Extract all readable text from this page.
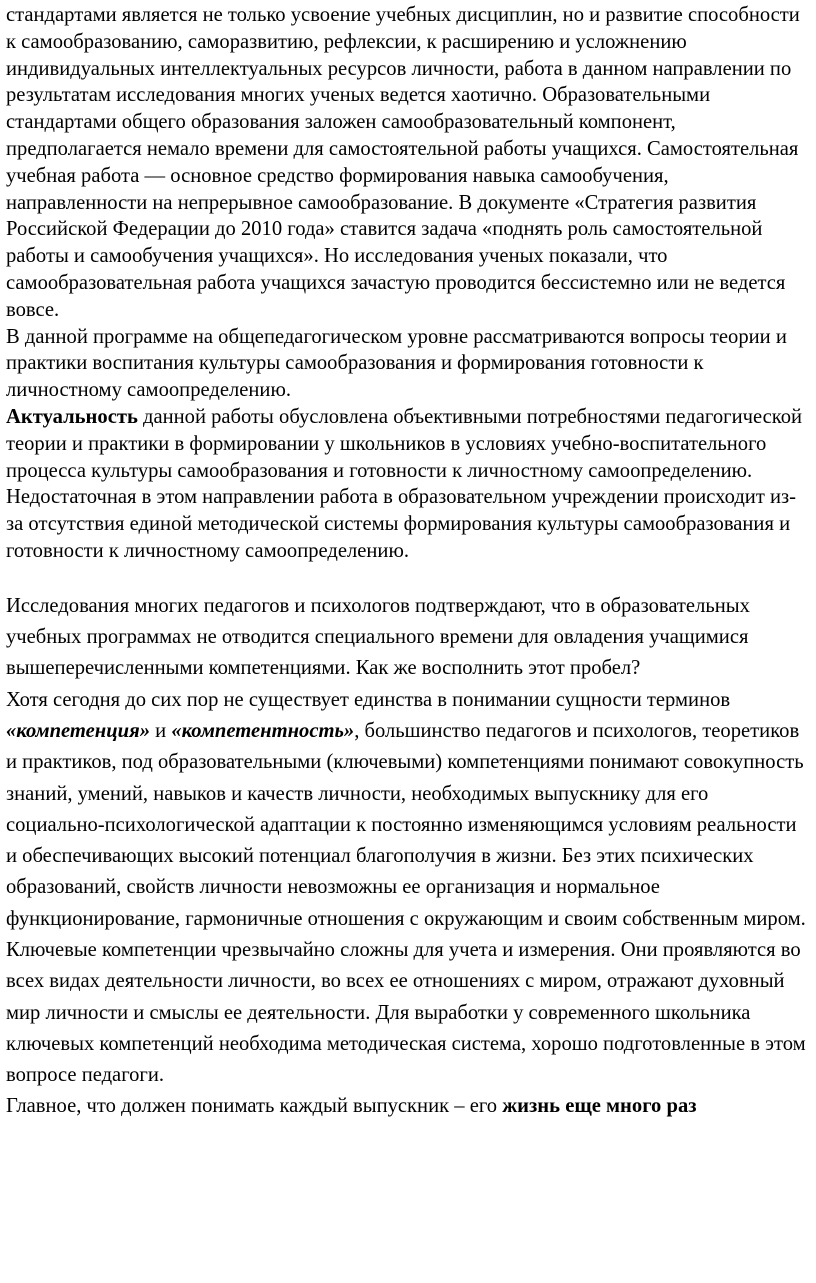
стандартами является не только усвоение учебных дисциплин, но и развитие способности к самообразованию, саморазвитию, рефлексии, к расширению и усложнению индивидуальных интеллектуальных ресурсов личности, работа в данном направлении по результатам исследования многих ученых ведется хаотично. Образовательными стандартами общего образования заложен самообразовательный компонент, предполагается немало времени для самостоятельной работы учащихся. Самостоятельная учебная работа — основное средство формирования навыка самообучения, направленности на непрерывное самообразование. В документе «Стратегия развития Российской Федерации до 2010 года» ставится задача «поднять роль самостоятельной работы и самообучения учащихся». Но исследования ученых показали, что самообразовательная работа учащихся зачастую проводится бессистемно или не ведется вовсе.

В данной программе на общепедагогическом уровне рассматриваются вопросы теории и практики воспитания культуры самообразования и формирования готовности к личностному самоопределению.

Актуальность данной работы обусловлена объективными потребностями педагогической теории и практики в формировании у школьников в условиях учебно-воспитательного процесса культуры самообразования и готовности к личностному самоопределению.

Недостаточная в этом направлении работа в образовательном учреждении происходит из-за отсутствия единой методической системы формирования культуры самообразования и готовности к личностному самоопределению.

Исследования многих педагогов и психологов подтверждают, что в образовательных учебных программах не отводится специального времени для овладения учащимися вышеперечисленными компетенциями. Как же восполнить этот пробел?

Хотя сегодня до сих пор не существует единства в понимании сущности терминов «компетенция» и «компетентность», большинство педагогов и психологов, теоретиков и практиков, под образовательными (ключевыми) компетенциями понимают совокупность знаний, умений, навыков и качеств личности, необходимых выпускнику для его социально-психологической адаптации к постоянно изменяющимся условиям реальности и обеспечивающих высокий потенциал благополучия в жизни. Без этих психических образований, свойств личности невозможны ее организация и нормальное функционирование, гармоничные отношения с окружающим и своим собственным миром.

Ключевые компетенции чрезвычайно сложны для учета и измерения. Они проявляются во всех видах деятельности личности, во всех ее отношениях с миром, отражают духовный мир личности и смыслы ее деятельности. Для выработки у современного школьника ключевых компетенций необходима методическая система, хорошо подготовленные в этом вопросе педагоги.

Главное, что должен понимать каждый выпускник – его жизнь еще много раз
